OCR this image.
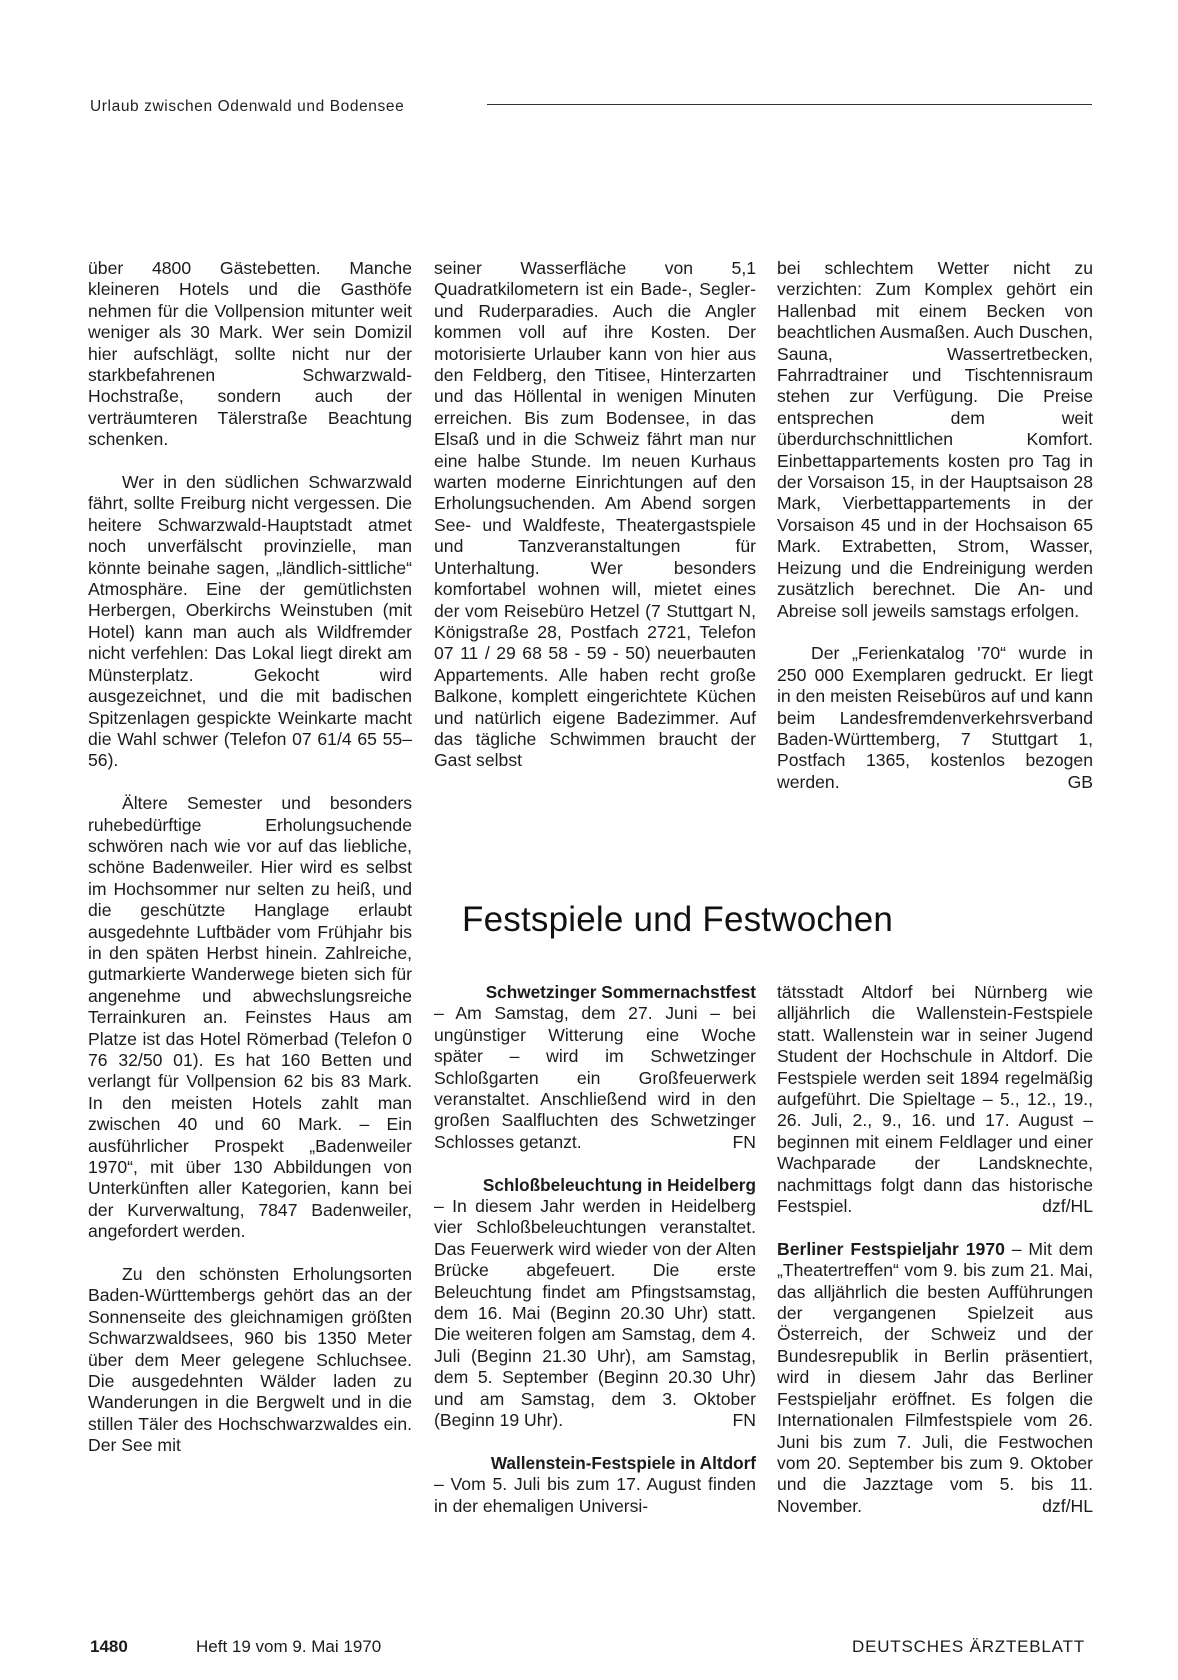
Urlaub zwischen Odenwald und Bodensee

über 4800 Gästebetten. Manche kleineren Hotels und die Gasthöfe nehmen für die Vollpension mitunter weit weniger als 30 Mark. Wer sein Domizil hier aufschlägt, sollte nicht nur der starkbefahrenen Schwarzwald-Hochstraße, sondern auch der verträumteren Tälerstraße Beachtung schenken.

Wer in den südlichen Schwarzwald fährt, sollte Freiburg nicht vergessen. Die heitere Schwarzwald-Hauptstadt atmet noch unverfälscht provinzielle, man könnte beinahe sagen, „ländlich-sittliche“ Atmosphäre. Eine der gemütlichsten Herbergen, Oberkirchs Weinstuben (mit Hotel) kann man auch als Wildfremder nicht verfehlen: Das Lokal liegt direkt am Münsterplatz. Gekocht wird ausgezeichnet, und die mit badischen Spitzenlagen gespickte Weinkarte macht die Wahl schwer (Telefon 07 61/4 65 55–56).

Ältere Semester und besonders ruhebedürftige Erholungsuchende schwören nach wie vor auf das liebliche, schöne Badenweiler. Hier wird es selbst im Hochsommer nur selten zu heiß, und die geschützte Hanglage erlaubt ausgedehnte Luftbäder vom Frühjahr bis in den späten Herbst hinein. Zahlreiche, gutmarkierte Wanderwege bieten sich für angenehme und abwechslungsreiche Terrainkuren an. Feinstes Haus am Platze ist das Hotel Römerbad (Telefon 0 76 32/50 01). Es hat 160 Betten und verlangt für Vollpension 62 bis 83 Mark. In den meisten Hotels zahlt man zwischen 40 und 60 Mark. – Ein ausführlicher Prospekt „Badenweiler 1970“, mit über 130 Abbildungen von Unterkünften aller Kategorien, kann bei der Kurverwaltung, 7847 Badenweiler, angefordert werden.

Zu den schönsten Erholungsorten Baden-Württembergs gehört das an der Sonnenseite des gleichnamigen größten Schwarzwaldsees, 960 bis 1350 Meter über dem Meer gelegene Schluchsee. Die ausgedehnten Wälder laden zu Wanderungen in die Bergwelt und in die stillen Täler des Hochschwarzwaldes ein. Der See mit

seiner Wasserfläche von 5,1 Quadratkilometern ist ein Bade-, Segler- und Ruderparadies. Auch die Angler kommen voll auf ihre Kosten. Der motorisierte Urlauber kann von hier aus den Feldberg, den Titisee, Hinterzarten und das Höllental in wenigen Minuten erreichen. Bis zum Bodensee, in das Elsaß und in die Schweiz fährt man nur eine halbe Stunde. Im neuen Kurhaus warten moderne Einrichtungen auf den Erholungsuchenden. Am Abend sorgen See- und Waldfeste, Theatergastspiele und Tanzveranstaltungen für Unterhaltung. Wer besonders komfortabel wohnen will, mietet eines der vom Reisebüro Hetzel (7 Stuttgart N, Königstraße 28, Postfach 2721, Telefon 07 11 / 29 68 58 - 59 - 50) neuerbauten Appartements. Alle haben recht große Balkone, komplett eingerichtete Küchen und natürlich eigene Badezimmer. Auf das tägliche Schwimmen braucht der Gast selbst

bei schlechtem Wetter nicht zu verzichten: Zum Komplex gehört ein Hallenbad mit einem Becken von beachtlichen Ausmaßen. Auch Duschen, Sauna, Wassertretbecken, Fahrradtrainer und Tischtennisraum stehen zur Verfügung. Die Preise entsprechen dem weit überdurchschnittlichen Komfort. Einbettappartements kosten pro Tag in der Vorsaison 15, in der Hauptsaison 28 Mark, Vierbettappartements in der Vorsaison 45 und in der Hochsaison 65 Mark. Extrabetten, Strom, Wasser, Heizung und die Endreinigung werden zusätzlich berechnet. Die An- und Abreise soll jeweils samstags erfolgen.

Der „Ferienkatalog '70“ wurde in 250 000 Exemplaren gedruckt. Er liegt in den meisten Reisebüros auf und kann beim Landesfremdenverkehrsverband Baden-Württemberg, 7 Stuttgart 1, Postfach 1365, kostenlos bezogen werden.	GB

Festspiele und Festwochen
Schwetzinger Sommernachstfest

– Am Samstag, dem 27. Juni – bei ungünstiger Witterung eine Woche später – wird im Schwetzinger Schloßgarten ein Großfeuerwerk veranstaltet. Anschließend wird in den großen Saalfluchten des Schwetzinger Schlosses getanzt.	FN

Schloßbeleuchtung in Heidelberg

– In diesem Jahr werden in Heidelberg vier Schloßbeleuchtungen veranstaltet. Das Feuerwerk wird wieder von der Alten Brücke abgefeuert. Die erste Beleuchtung findet am Pfingstsamstag, dem 16. Mai (Beginn 20.30 Uhr) statt. Die weiteren folgen am Samstag, dem 4. Juli (Beginn 21.30 Uhr), am Samstag, dem 5. September (Beginn 20.30 Uhr) und am Samstag, dem 3. Oktober (Beginn 19 Uhr).	FN

Wallenstein-Festspiele in Altdorf

– Vom 5. Juli bis zum 17. August finden in der ehemaligen Universi-

tätsstadt Altdorf bei Nürnberg wie alljährlich die Wallenstein-Festspiele statt. Wallenstein war in seiner Jugend Student der Hochschule in Altdorf. Die Festspiele werden seit 1894 regelmäßig aufgeführt. Die Spieltage – 5., 12., 19., 26. Juli, 2., 9., 16. und 17. August – beginnen mit einem Feldlager und einer Wachparade der Landsknechte, nachmittags folgt dann das historische Festspiel.	dzf/HL

Berliner Festspieljahr 1970 – Mit dem „Theatertreffen“ vom 9. bis zum 21. Mai, das alljährlich die besten Aufführungen der vergangenen Spielzeit aus Österreich, der Schweiz und der Bundesrepublik in Berlin präsentiert, wird in diesem Jahr das Berliner Festspieljahr eröffnet. Es folgen die Internationalen Filmfestspiele vom 26. Juni bis zum 7. Juli, die Festwochen vom 20. September bis zum 9. Oktober und die Jazztage vom 5. bis 11. November.	dzf/HL

1480	Heft 19 vom 9. Mai 1970	DEUTSCHES ÄRZTEBLATT
